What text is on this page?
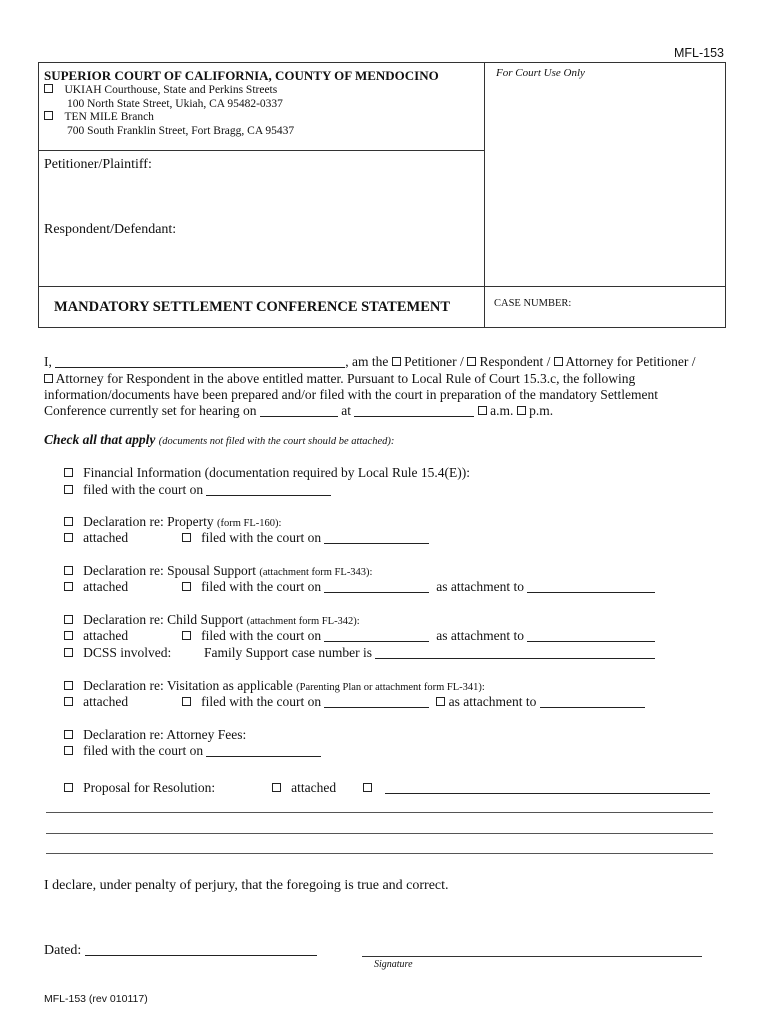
MFL-153
SUPERIOR COURT OF CALIFORNIA, COUNTY OF MENDOCINO
UKIAH Courthouse, State and Perkins Streets
100 North State Street, Ukiah, CA 95482-0337
TEN MILE Branch
700 South Franklin Street, Fort Bragg, CA 95437
For Court Use Only
Petitioner/Plaintiff:
Respondent/Defendant:
MANDATORY SETTLEMENT CONFERENCE STATEMENT	CASE NUMBER:
I,	, am the Petitioner / Respondent / Attorney for Petitioner /
Attorney for Respondent in the above entitled matter. Pursuant to Local Rule of Court 15.3.c, the following
information/documents have been prepared and/or filed with the court in preparation of the mandatory Settlement
Conference currently set for hearing on	at	a.m. p.m.
Check all that apply (documents not filed with the court should be attached):
Financial Information (documentation required by Local Rule 15.4(E)):
filed with the court on
Declaration re: Property (form FL-160):
attached	filed with the court on
Declaration re: Spousal Support (attachment form FL-343):
attached	filed with the court on	as attachment to
Declaration re: Child Support (attachment form FL-342):
attached	filed with the court on	as attachment to
DCSS involved: Family Support case number is
Declaration re: Visitation as applicable (Parenting Plan or attachment form FL-341):
attached	filed with the court on	as attachment to
Declaration re: Attorney Fees:
filed with the court on
Proposal for Resolution:	attached

I declare, under penalty of perjury, that the foregoing is true and correct.
Dated:
Signature
MFL-153 (rev 010117)
